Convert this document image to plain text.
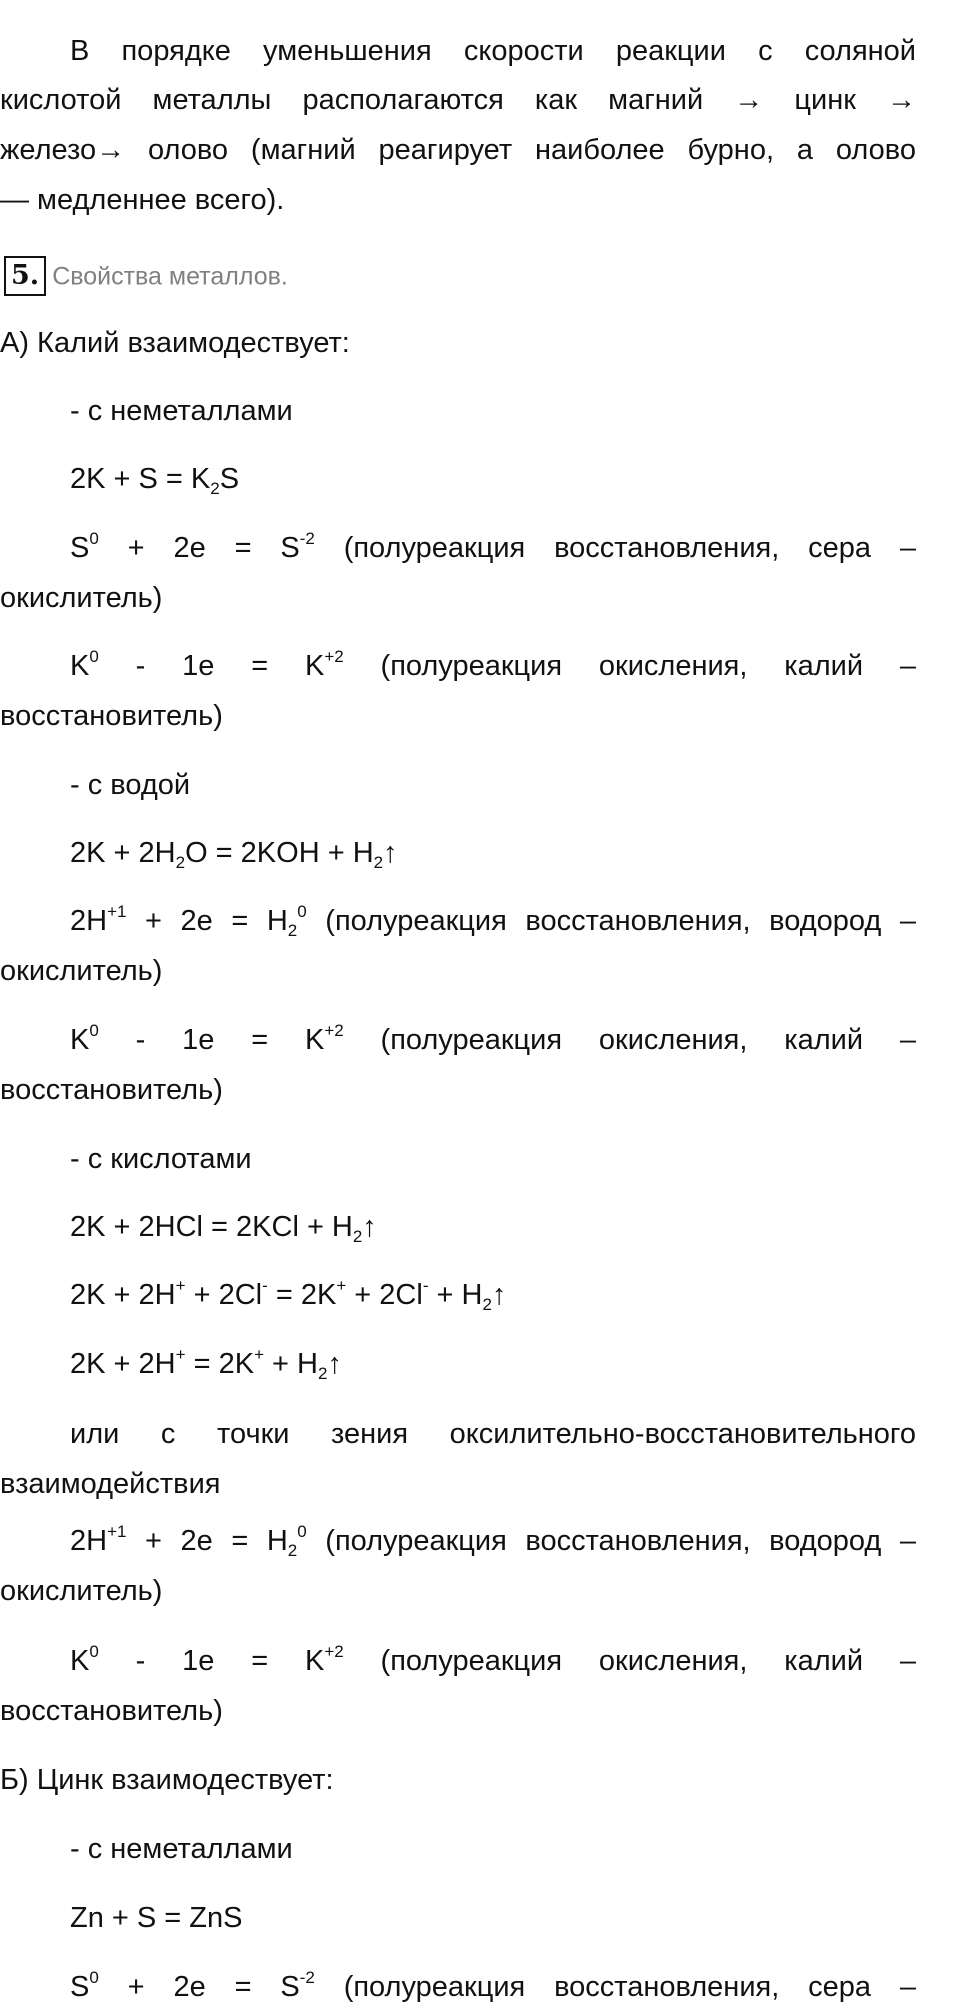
В порядке уменьшения скорости реакции с соляной
кислотой металлы располагаются как магний → цинк →
железо→ олово (магний реагирует наиболее бурно, а олово
— медленнее всего).
5. Свойства металлов.
А) Калий взаимодествует:
- с неметаллами
$2K + S = K_2S$
$S^0 + 2e = S^{-2}$ (полуреакция восстановления, сера –
окислитель)
$K^0 - 1e = K^{+2}$ (полуреакция окисления, калий –
восстановитель)
- с водой
$2K + 2H_2O = 2KOH$ + $H_2↑$
$2H^{+1} + 2e = H_2^0$ (полуреакция восстановления, водород –
окислитель)
$K^0 - 1e = K^{+2}$ (полуреакция окисления, калий –
восстановитель)
- с кислотами
$2K + 2HCl = 2KCl + H_2↑$
$2K + 2H^+ + 2Cl^- = 2K^+ + 2Cl^- + H_2↑$
$2K + 2H^+ = 2K^+ + H_2↑$
или с точки зения оксилительно-восстановительного
взаимодействия
$2H^{+1} + 2e = H_2^0$ (полуреакция восстановления, водород –
окислитель)
$K^0 - 1e = K^{+2}$ (полуреакция окисления, калий –
восстановитель)
Б) Цинк взаимодествует:
- с неметаллами
Zn + S = ZnS
$S^0 + 2e = S^{-2}$ (полуреакция восстановления, сера –
